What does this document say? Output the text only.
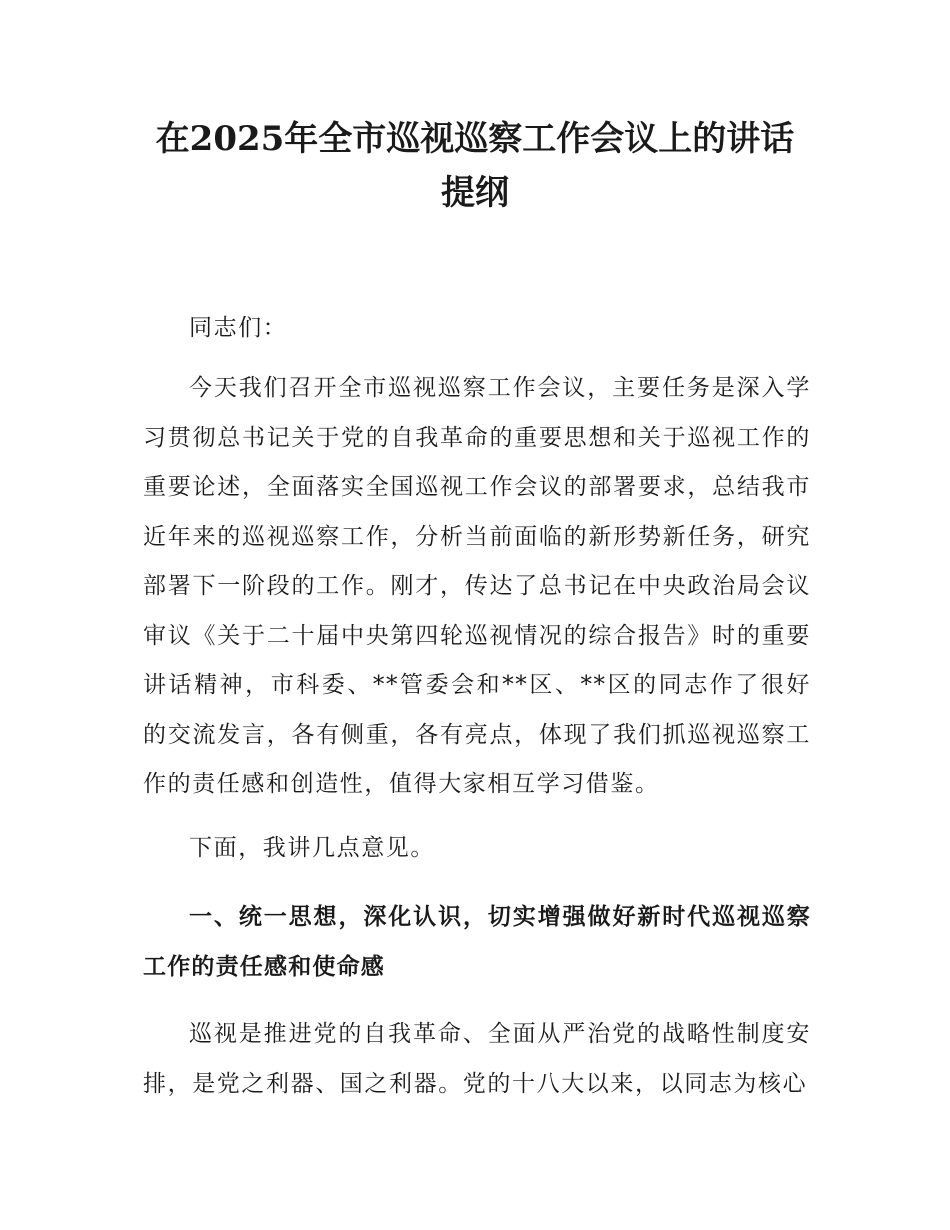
在2025年全市巡视巡察工作会议上的讲话提纲

同志们：

今天我们召开全市巡视巡察工作会议，主要任务是深入学习贯彻总书记关于党的自我革命的重要思想和关于巡视工作的重要论述，全面落实全国巡视工作会议的部署要求，总结我市近年来的巡视巡察工作，分析当前面临的新形势新任务，研究部署下一阶段的工作。刚才，传达了总书记在中央政治局会议审议《关于二十届中央第四轮巡视情况的综合报告》时的重要讲话精神，市科委、**管委会和**区、**区的同志作了很好的交流发言，各有侧重，各有亮点，体现了我们抓巡视巡察工作的责任感和创造性，值得大家相互学习借鉴。

下面，我讲几点意见。

一、统一思想，深化认识，切实增强做好新时代巡视巡察工作的责任感和使命感

巡视是推进党的自我革命、全面从严治党的战略性制度安排，是党之利器、国之利器。党的十八大以来，以同志为核心
